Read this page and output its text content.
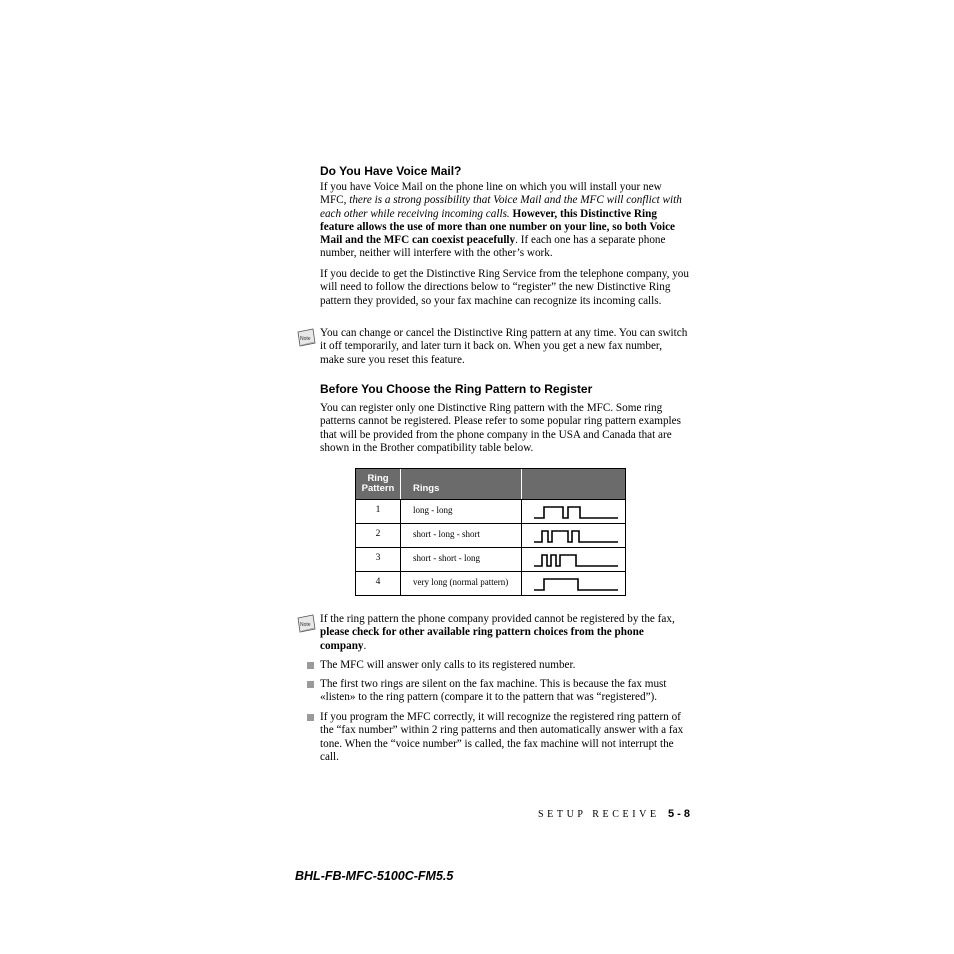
Do You Have Voice Mail?

If you have Voice Mail on the phone line on which you will install your new MFC, there is a strong possibility that Voice Mail and the MFC will conflict with each other while receiving incoming calls. However, this Distinctive Ring feature allows the use of more than one number on your line, so both Voice Mail and the MFC can coexist peacefully. If each one has a separate phone number, neither will interfere with the other’s work.

If you decide to get the Distinctive Ring Service from the telephone company, you will need to follow the directions below to “register” the new Distinctive Ring pattern they provided, so your fax machine can recognize its incoming calls.

Note You can change or cancel the Distinctive Ring pattern at any time. You can switch it off temporarily, and later turn it back on. When you get a new fax number, make sure you reset this feature.

Before You Choose the Ring Pattern to Register

You can register only one Distinctive Ring pattern with the MFC. Some ring patterns cannot be registered. Please refer to some popular ring pattern examples that will be provided from the phone company in the USA and Canada that are shown in the Brother compatibility table below.

Ring
Pattern	Rings
1	long - long
2	short - long - short
3	short - short - long
4	very long (normal pattern)
Note If the ring pattern the phone company provided cannot be registered by the fax, please check for other available ring pattern choices from the phone company.

The MFC will answer only calls to its registered number.

The first two rings are silent on the fax machine. This is because the fax must «listen» to the ring pattern (compare it to the pattern that was “registered”).

If you program the MFC correctly, it will recognize the registered ring pattern of the “fax number” within 2 ring patterns and then automatically answer with a fax tone. When the “voice number” is called, the fax machine will not interrupt the call.

SETUP RECEIVE 5 - 8
BHL-FB-MFC-5100C-FM5.5
